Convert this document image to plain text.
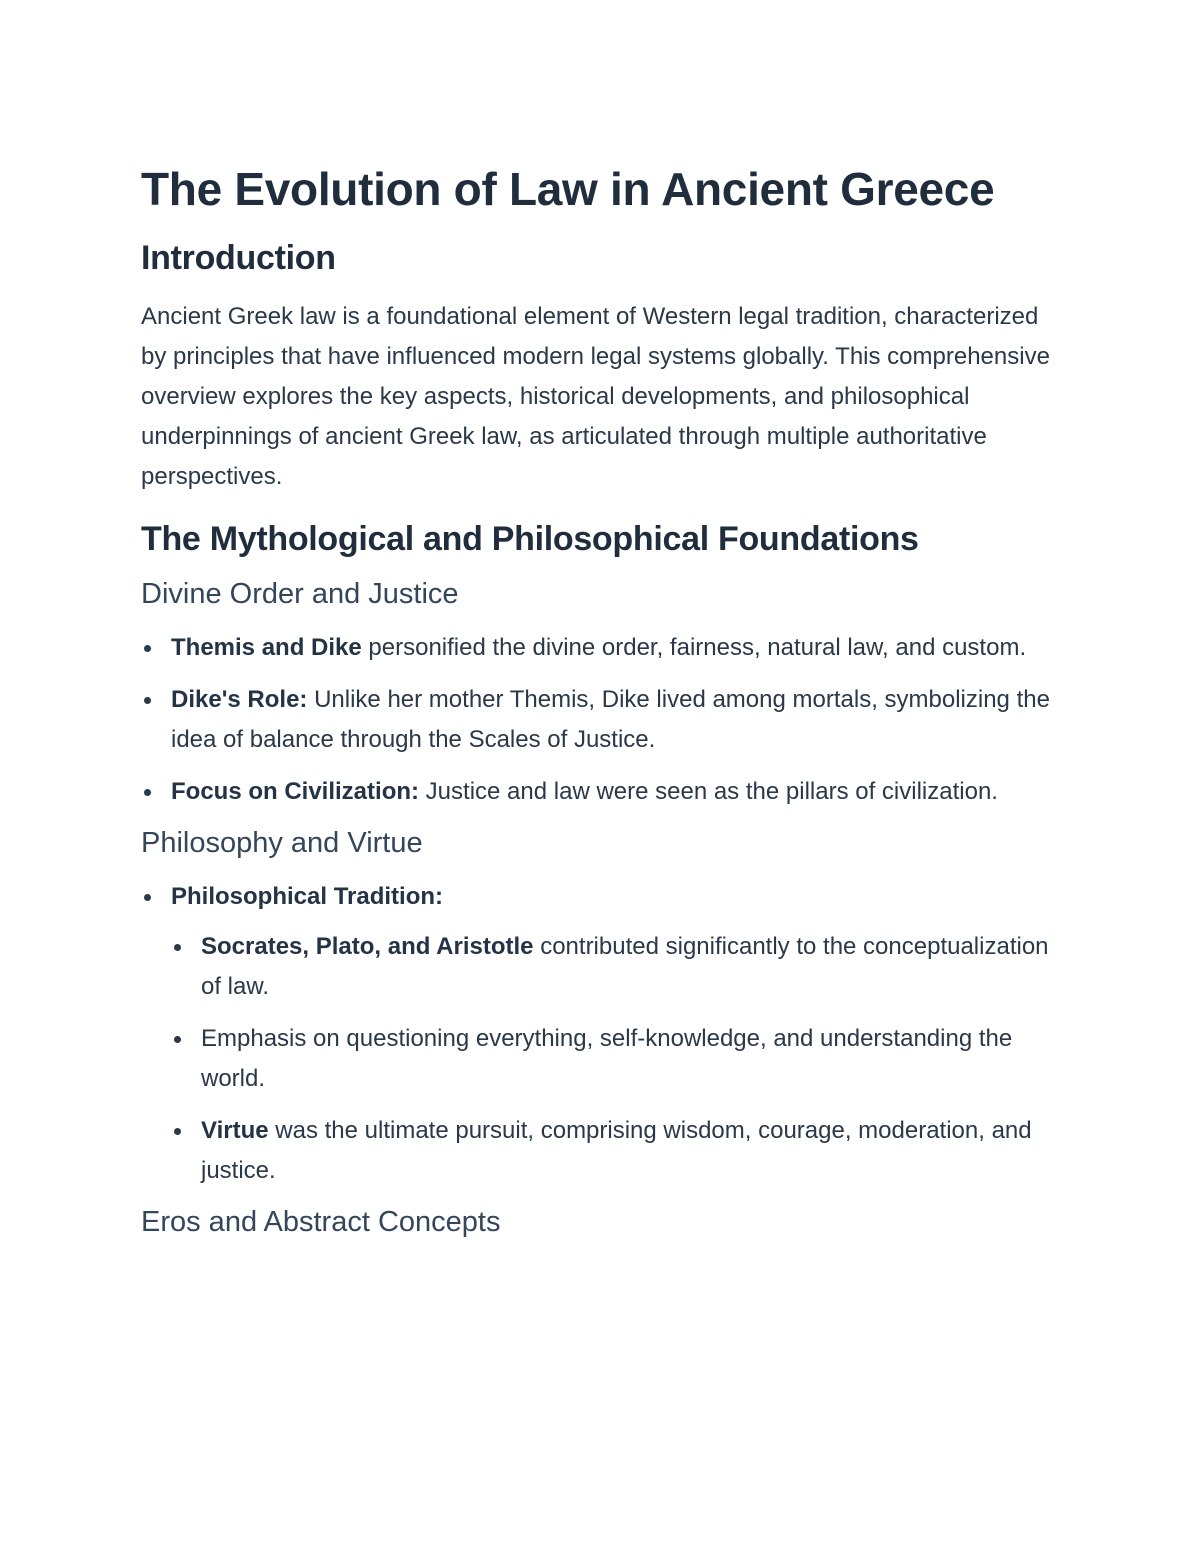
The Evolution of Law in Ancient Greece
Introduction

Ancient Greek law is a foundational element of Western legal tradition, characterized by principles that have influenced modern legal systems globally. This comprehensive overview explores the key aspects, historical developments, and philosophical underpinnings of ancient Greek law, as articulated through multiple authoritative perspectives.

The Mythological and Philosophical Foundations
Divine Order and Justice
Themis and Dike personified the divine order, fairness, natural law, and custom.
Dike's Role: Unlike her mother Themis, Dike lived among mortals, symbolizing the idea of balance through the Scales of Justice.
Focus on Civilization: Justice and law were seen as the pillars of civilization.
Philosophy and Virtue
Philosophical Tradition:
Socrates, Plato, and Aristotle contributed significantly to the conceptualization of law.
Emphasis on questioning everything, self-knowledge, and understanding the world.
Virtue was the ultimate pursuit, comprising wisdom, courage, moderation, and justice.
Eros and Abstract Concepts
